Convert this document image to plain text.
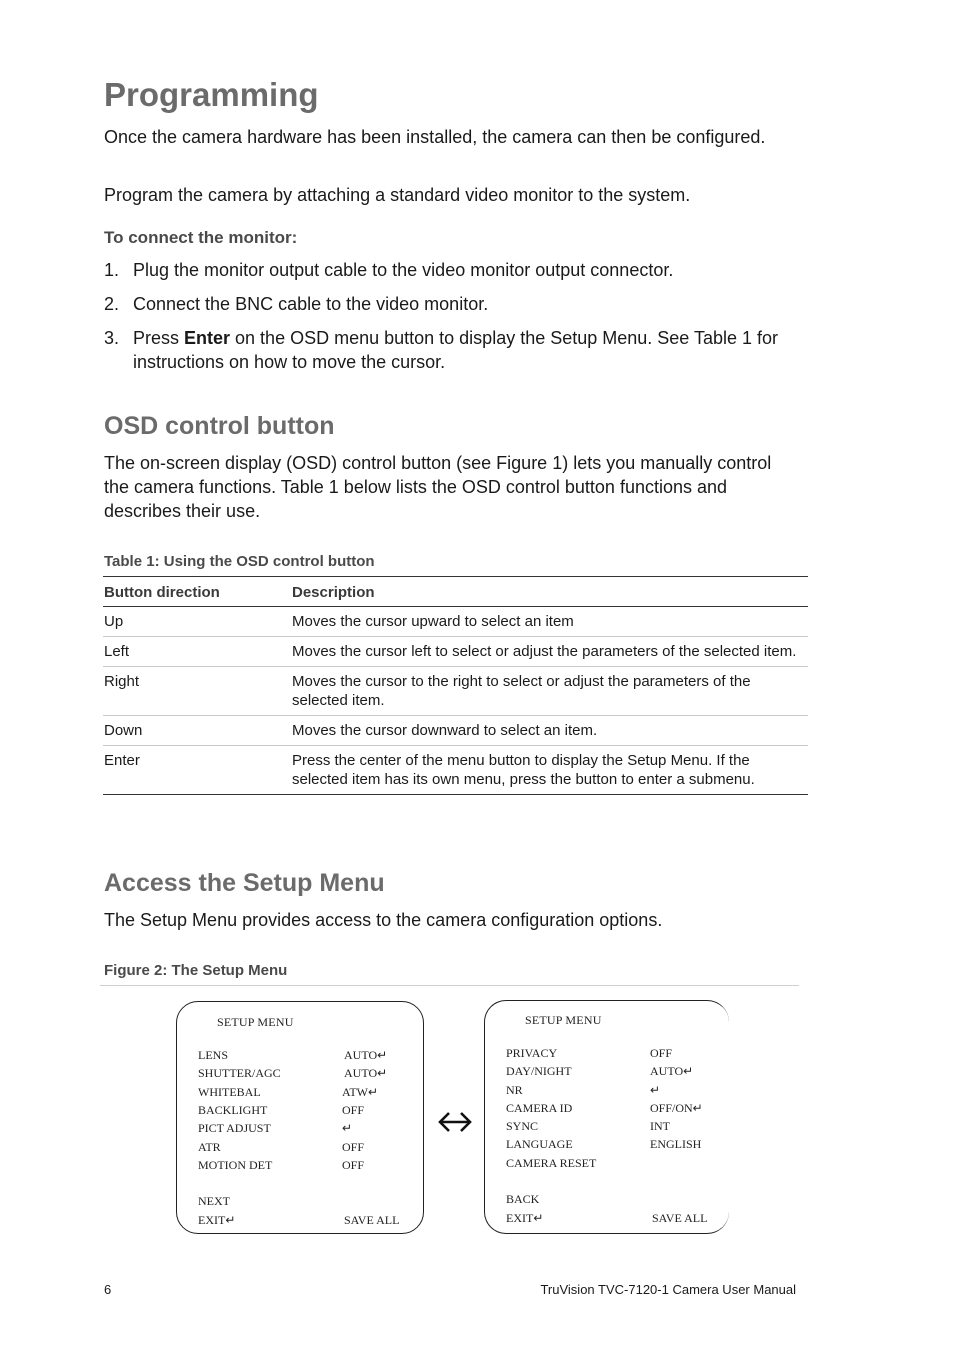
Programming

Once the camera hardware has been installed, the camera can then be configured.

Program the camera by attaching a standard video monitor to the system.

To connect the monitor:

1. Plug the monitor output cable to the video monitor output connector.
2. Connect the BNC cable to the video monitor.
3. Press Enter on the OSD menu button to display the Setup Menu. See Table 1 for instructions on how to move the cursor.
OSD control button

The on-screen display (OSD) control button (see Figure 1) lets you manually control the camera functions. Table 1 below lists the OSD control button functions and describes their use.

Table 1: Using the OSD control button
Button direction	Description
Up	Moves the cursor upward to select an item
Left	Moves the cursor left to select or adjust the parameters of the selected item.
Right	Moves the cursor to the right to select or adjust the parameters of the selected item.
Down	Moves the cursor downward to select an item.
Enter	Press the center of the menu button to display the Setup Menu. If the selected item has its own menu, press the button to enter a submenu.
Access the Setup Menu

The Setup Menu provides access to the camera configuration options.

Figure 2: The Setup Menu
SETUP MENU
LENS	AUTO↵
SHUTTER/AGC	AUTO↵
WHITEBAL	ATW↵
BACKLIGHT	OFF
PICT ADJUST	↵
ATR	OFF
MOTION DET	OFF
NEXT
EXIT↵	SAVE ALL
SETUP MENU
PRIVACY	OFF
DAY/NIGHT	AUTO↵
NR	↵
CAMERA ID	OFF/ON↵
SYNC	INT
LANGUAGE	ENGLISH
CAMERA RESET
BACK
EXIT↵	SAVE ALL
6	TruVision TVC-7120-1 Camera User Manual
